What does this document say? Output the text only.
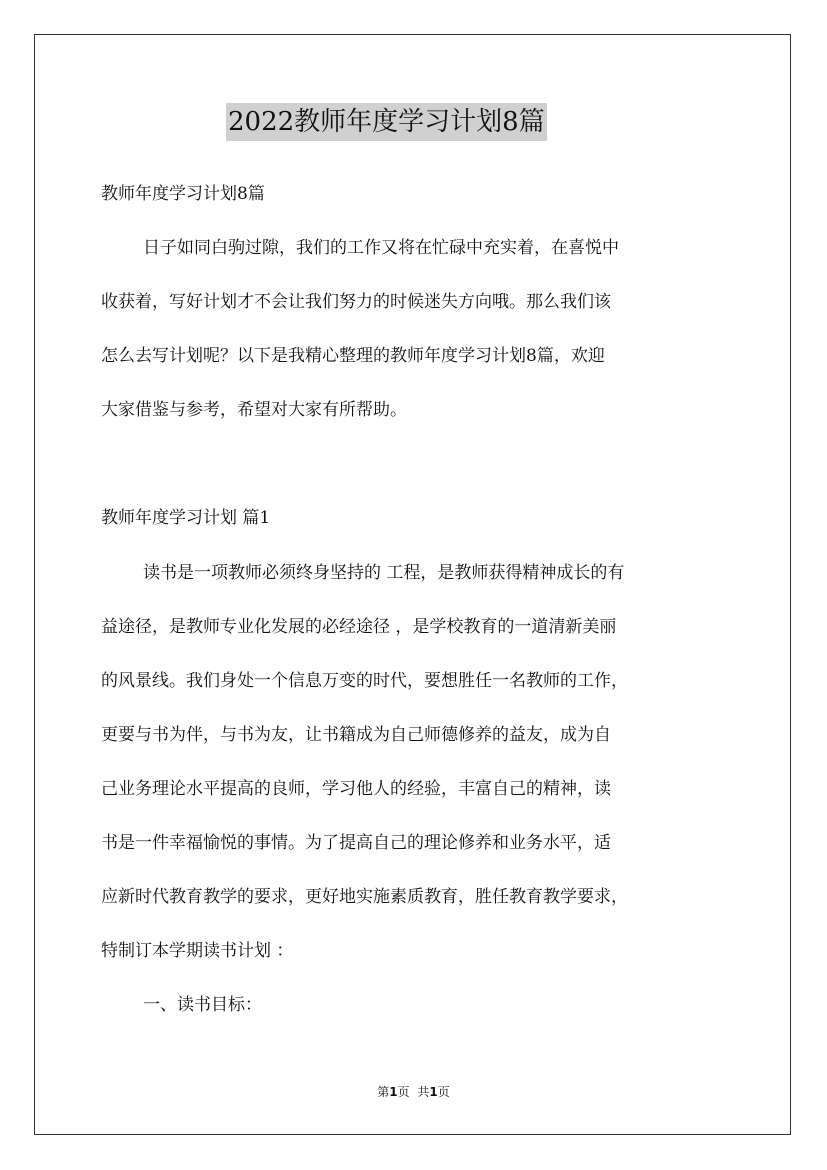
2022教师年度学习计划8篇

教师年度学习计划8篇

日子如同白驹过隙，我们的工作又将在忙碌中充实着，在喜悦中

收获着，写好计划才不会让我们努力的时候迷失方向哦。那么我们该

怎么去写计划呢？以下是我精心整理的教师年度学习计划8篇，欢迎

大家借鉴与参考，希望对大家有所帮助。

教师年度学习计划 篇1

读书是一项教师必须终身坚持的 工程，是教师获得精神成长的有

益途径，是教师专业化发展的必经途径 ，是学校教育的一道清新美丽

的风景线。我们身处一个信息万变的时代，要想胜任一名教师的工作，

更要与书为伴，与书为友，让书籍成为自己师德修养的益友，成为自

己业务理论水平提高的良师，学习他人的经验，丰富自己的精神，读

书是一件幸福愉悦的事情。为了提高自己的理论修养和业务水平，适

应新时代教育教学的要求，更好地实施素质教育，胜任教育教学要求，

特制订本学期读书计划 ：

一、读书目标：

第1页 共1页
